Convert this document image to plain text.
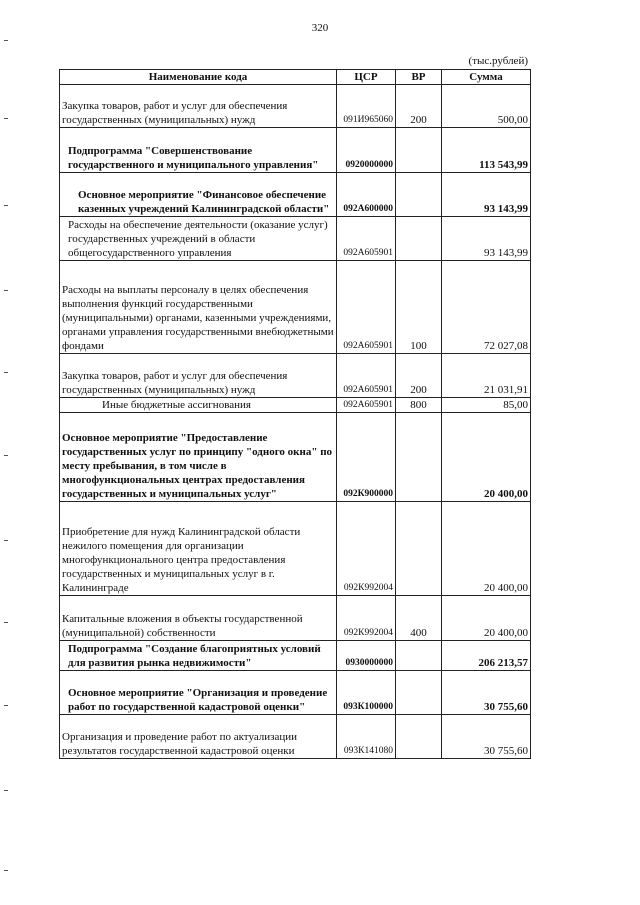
320
(тыс.рублей)
Наименование кода	ЦСР	ВР	Сумма
Закупка товаров, работ и услуг для обеспечения государственных (муниципальных) нужд	091И965060	200	500,00
Подпрограмма "Совершенствование государственного и муниципального управления"	0920000000		113 543,99
Основное мероприятие "Финансовое обеспечение казенных учреждений Калининградской области"	092А600000		93 143,99
Расходы на обеспечение деятельности (оказание услуг) государственных учреждений в области общегосударственного управления	092А605901		93 143,99
Расходы на выплаты персоналу в целях обеспечения выполнения функций государственными (муниципальными) органами, казенными учреждениями, органами управления государственными внебюджетными фондами	092А605901	100	72 027,08
Закупка товаров, работ и услуг для обеспечения государственных (муниципальных) нужд	092А605901	200	21 031,91
Иные бюджетные ассигнования	092А605901	800	85,00
Основное мероприятие "Предоставление государственных услуг по принципу "одного окна" по месту пребывания, в том числе в многофункциональных центрах предоставления государственных и муниципальных услуг"	092К900000		20 400,00
Приобретение для нужд Калининградской области нежилого помещения для организации многофункционального центра предоставления государственных и муниципальных услуг в г. Калининграде	092К992004		20 400,00
Капитальные вложения в объекты государственной (муниципальной) собственности	092К992004	400	20 400,00
Подпрограмма "Создание благоприятных условий для развития рынка недвижимости"	0930000000		206 213,57
Основное мероприятие "Организация и проведение работ по государственной кадастровой оценки"	093К100000		30 755,60
Организация и проведение работ по актуализации результатов государственной кадастровой оценки	093К141080		30 755,60
